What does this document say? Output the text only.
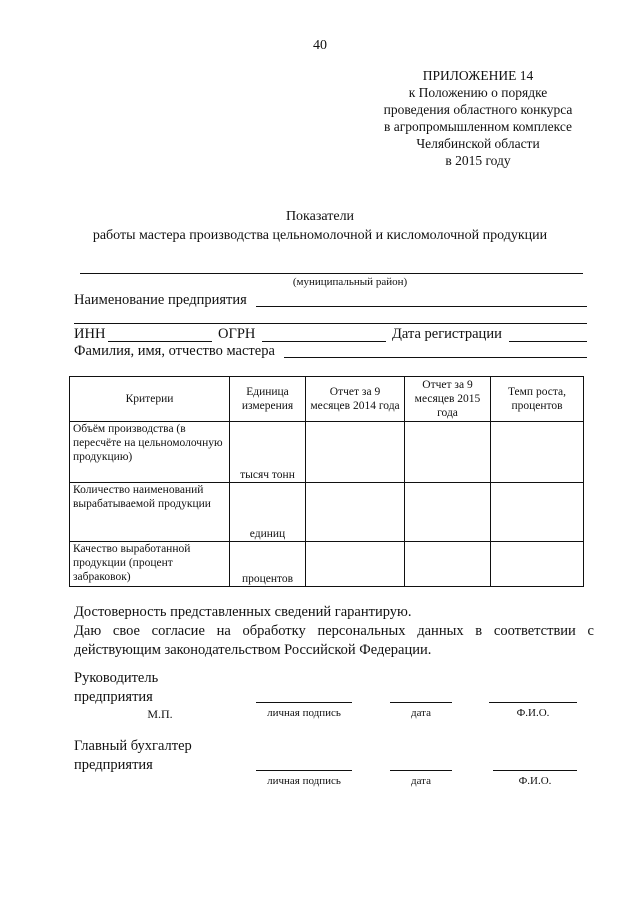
40
ПРИЛОЖЕНИЕ 14
к Положению о порядке
проведения областного конкурса
в агропромышленном комплексе
Челябинской области
в 2015 году
Показатели
работы мастера производства цельномолочной и кисломолочной продукции
(муниципальный район)
Наименование предприятия
ИНН	ОГРН	Дата регистрации
Фамилия, имя, отчество мастера
Критерии	Единица измерения	Отчет за 9 месяцев 2014 года	Отчет за 9 месяцев 2015 года	Темп роста, процентов
Объём производства (в пересчёте на цельномолочную продукцию)	тысяч тонн			
Количество наименований вырабатываемой продукции	единиц			
Качество выработанной продукции (процент забраковок)	процентов			
Достоверность представленных сведений гарантирую.
Даю свое согласие на обработку персональных данных в соответствии с действующим законодательством Российской Федерации.
Руководитель
предприятия
М.П.	личная подпись	дата	Ф.И.О.
Главный бухгалтер
предприятия
личная подпись	дата	Ф.И.О.
